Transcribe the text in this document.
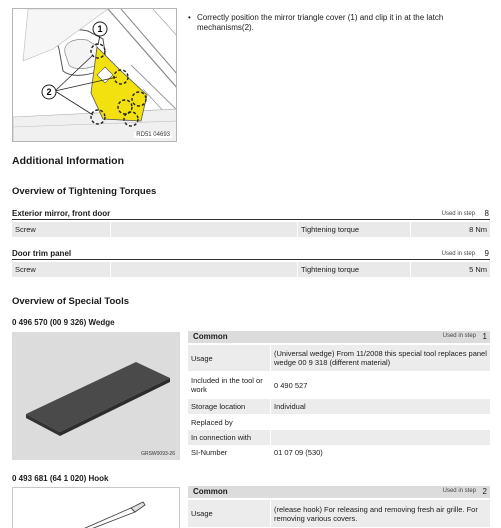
1
2
RD51 04693
• Correctly position the mirror triangle cover (1) and clip it in at the latch mechanisms(2).
Additional Information
Overview of Tightening Torques
Exterior mirror, front door	Used in step 8
Screw	Tightening torque	8 Nm
Door trim panel	Used in step 9
Screw	Tightening torque	5 Nm
Overview of Special Tools
0 496 570 (00 9 326) Wedge
GRSW0093-26
Common	Used in step 1
Usage	(Universal wedge) From 11/2008 this special tool replaces panel wedge 00 9 318 (different material)
Included in the tool or work	0 490 527
Storage location	Individual
Replaced by
In connection with
SI-Number	01 07 09 (530)
0 493 681 (64 1 020) Hook
Common	Used in step 2
Usage	(release hook) For releasing and removing fresh air grille. For removing various covers.
